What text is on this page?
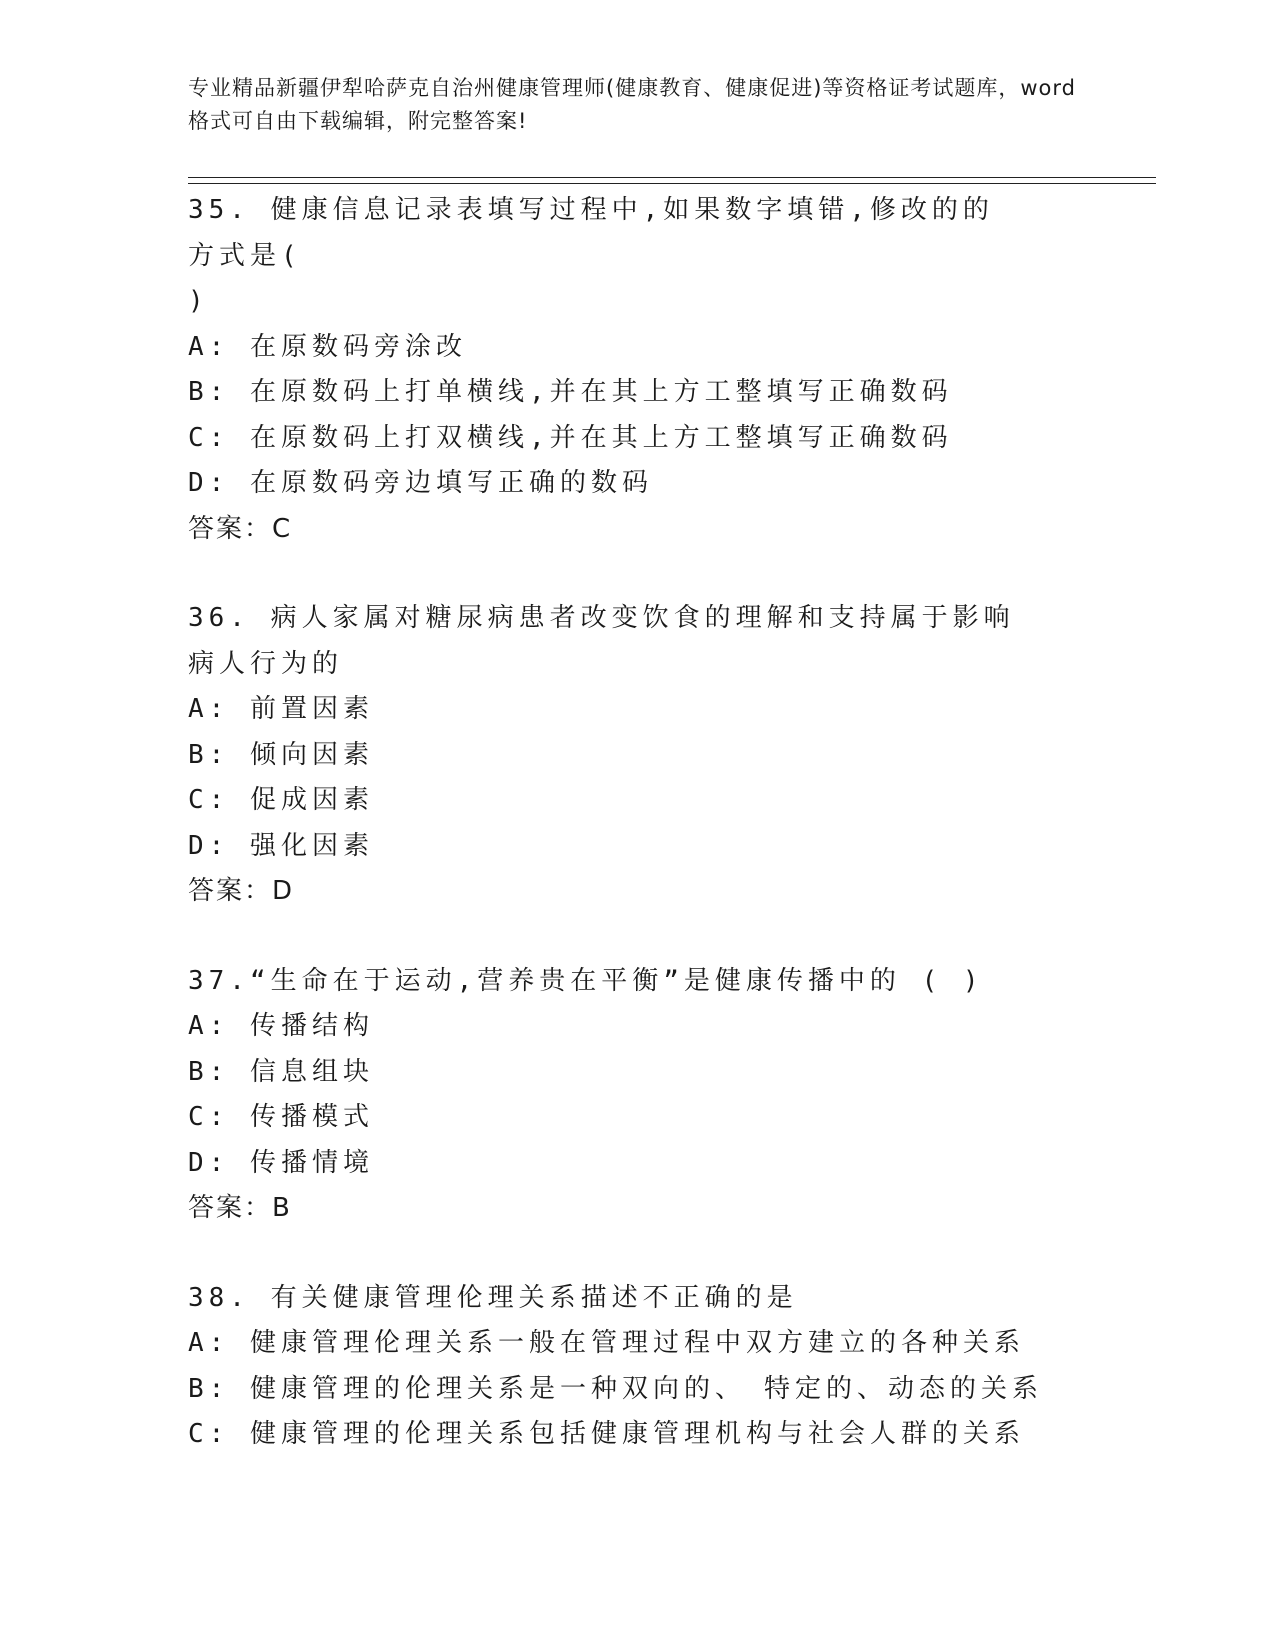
专业精品新疆伊犁哈萨克自治州健康管理师(健康教育、健康促进)等资格证考试题库，word 格式可自由下载编辑，附完整答案!
35. 健康信息记录表填写过程中,如果数字填错,修改的的方式是(
)
A: 在原数码旁涂改
B: 在原数码上打单横线,并在其上方工整填写正确数码
C: 在原数码上打双横线,并在其上方工整填写正确数码
D: 在原数码旁边填写正确的数码
答案：C
36. 病人家属对糖尿病患者改变饮食的理解和支持属于影响病人行为的
A: 前置因素
B: 倾向因素
C: 促成因素
D: 强化因素
答案：D
37.“生命在于运动,营养贵在平衡”是健康传播中的 ( )
A: 传播结构
B: 信息组块
C: 传播模式
D: 传播情境
答案：B
38. 有关健康管理伦理关系描述不正确的是
A: 健康管理伦理关系一般在管理过程中双方建立的各种关系
B: 健康管理的伦理关系是一种双向的、　特定的、动态的关系
C: 健康管理的伦理关系包括健康管理机构与社会人群的关系
